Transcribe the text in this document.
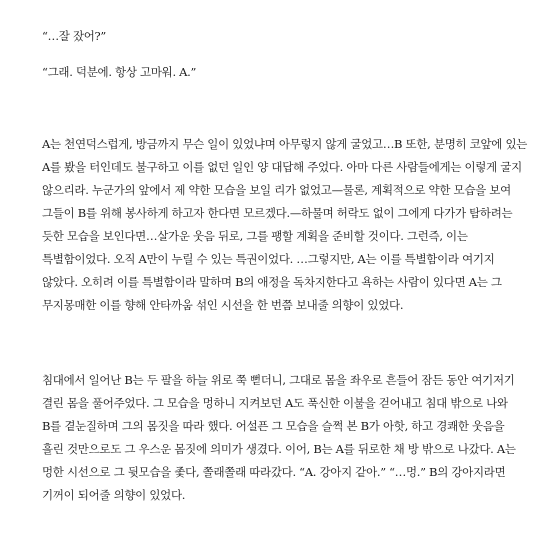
“…잘 잤어?”

“그래. 덕분에. 항상 고마워. A.”

A는 천연덕스럽게, 방금까지 무슨 일이 있었냐며 아무렇지 않게 굴었고…B 또한, 분명히 코앞에 있는

A를 봤을 터인데도 불구하고 이를 없던 일인 양 대답해 주었다. 아마 다른 사람들에게는 이렇게 굴지

않으리라. 누군가의 앞에서 제 약한 모습을 보일 리가 없었고—물론, 계획적으로 약한 모습을 보여

그들이 B를 위해 봉사하게 하고자 한다면 모르겠다.—하물며 허락도 없이 그에게 다가가 탐하려는

듯한 모습을 보인다면…살가운 웃음 뒤로, 그를 팽할 계획을 준비할 것이다. 그런즉, 이는

특별함이었다. 오직 A만이 누릴 수 있는 특권이었다. …그렇지만, A는 이를 특별함이라 여기지

않았다. 오히려 이를 특별함이라 말하며 B의 애정을 독차지한다고 욕하는 사람이 있다면 A는 그

무지몽매한 이를 향해 안타까움 섞인 시선을 한 번쯤 보내줄 의향이 있었다.

침대에서 일어난 B는 두 팔을 하늘 위로 쭉 뻗더니, 그대로 몸을 좌우로 흔들어 잠든 동안 여기저기

결린 몸을 풀어주었다. 그 모습을 멍하니 지켜보던 A도 푹신한 이불을 걷어내고 침대 밖으로 나와

B를 곁눈질하며 그의 몸짓을 따라 했다. 어설픈 그 모습을 슬쩍 본 B가 아핫, 하고 경쾌한 웃음을

흘린 것만으로도 그 우스운 몸짓에 의미가 생겼다. 이어, B는 A를 뒤로한 채 방 밖으로 나갔다. A는

멍한 시선으로 그 뒷모습을 좇다, 쫄래쫄래 따라갔다. “A. 강아지 같아.” “…멍.” B의 강아지라면

기꺼이 되어줄 의향이 있었다.
